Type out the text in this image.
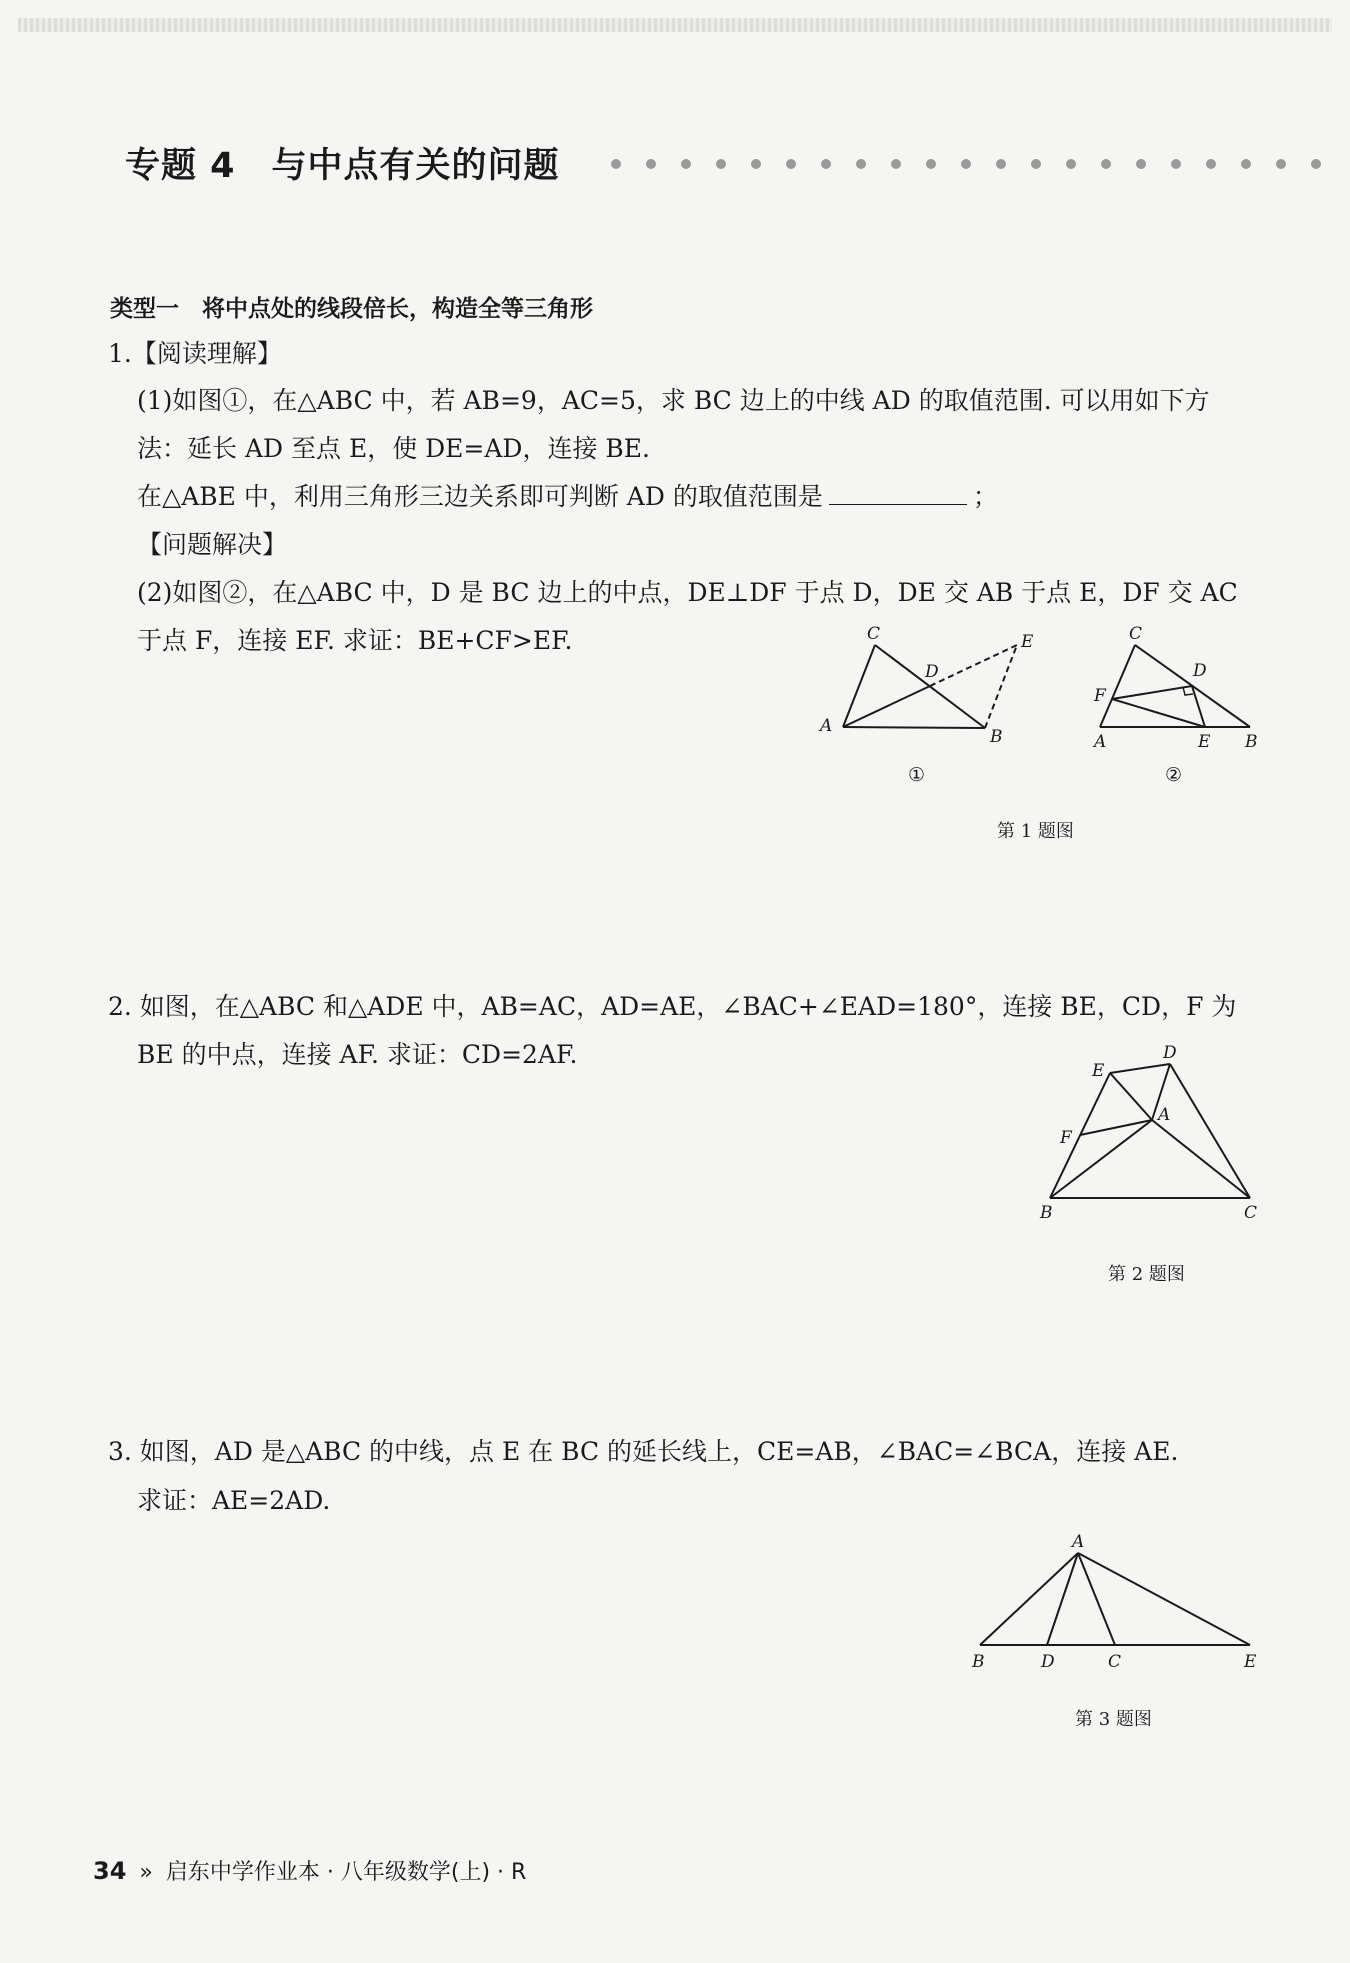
专题 4　与中点有关的问题
类型一　将中点处的线段倍长，构造全等三角形
1.【阅读理解】
(1)如图①，在△ABC 中，若 AB=9，AC=5，求 BC 边上的中线 AD 的取值范围. 可以用如下方
法：延长 AD 至点 E，使 DE=AD，连接 BE.
在△ABE 中，利用三角形三边关系即可判断 AD 的取值范围是	；
【问题解决】
(2)如图②，在△ABC 中，D 是 BC 边上的中点，DE⊥DF 于点 D，DE 交 AB 于点 E，DF 交 AC
于点 F，连接 EF. 求证：BE+CF>EF.	C
D
E
A
B
①
C
D
F
A	E B
②
第 1 题图
2. 如图，在△ABC 和△ADE 中，AB=AC，AD=AE，∠BAC+∠EAD=180°，连接 BE，CD，F 为
BE 的中点，连接 AF. 求证：CD=2AF.	D
E
A
F
B	C
第 2 题图
3. 如图，AD 是△ABC 的中线，点 E 在 BC 的延长线上，CE=AB，∠BAC=∠BCA，连接 AE.
求证：AE=2AD.
A
B	D	C	E
第 3 题图
34 » 启东中学作业本 · 八年级数学(上) · R
